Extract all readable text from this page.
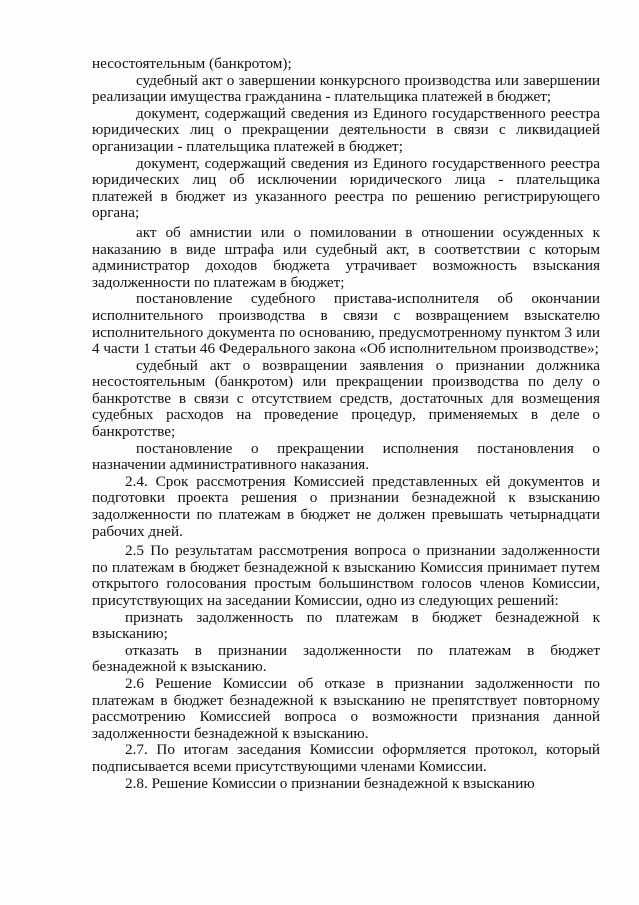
несостоятельным (банкротом);

судебный акт о завершении конкурсного производства или завершении реализации имущества гражданина - плательщика платежей в бюджет;

документ, содержащий сведения из Единого государственного реестра юридических лиц о прекращении деятельности в связи с ликвидацией организации - плательщика платежей в бюджет;

документ, содержащий сведения из Единого государственного реестра юридических лиц об исключении юридического лица - плательщика платежей в бюджет из указанного реестра по решению регистрирующего органа;

акт об амнистии или о помиловании в отношении осужденных к наказанию в виде штрафа или судебный акт, в соответствии с которым администратор доходов бюджета утрачивает возможность взыскания задолженности по платежам в бюджет;

постановление судебного пристава-исполнителя об окончании исполнительного производства в связи с возвращением взыскателю исполнительного документа по основанию, предусмотренному пунктом 3 или 4 части 1 статьи 46 Федерального закона «Об исполнительном производстве»;

судебный акт о возвращении заявления о признании должника несостоятельным (банкротом) или прекращении производства по делу о банкротстве в связи с отсутствием средств, достаточных для возмещения судебных расходов на проведение процедур, применяемых в деле о банкротстве;

постановление о прекращении исполнения постановления о назначении административного наказания.

2.4. Срок рассмотрения Комиссией представленных ей документов и подготовки проекта решения о признании безнадежной к взысканию задолженности по платежам в бюджет не должен превышать четырнадцати рабочих дней.

2.5 По результатам рассмотрения вопроса о признании задолженности по платежам в бюджет безнадежной к взысканию Комиссия принимает путем открытого голосования простым большинством голосов членов Комиссии, присутствующих на заседании Комиссии, одно из следующих решений:

признать задолженность по платежам в бюджет безнадежной к взысканию;

отказать в признании задолженности по платежам в бюджет безнадежной к взысканию.

2.6 Решение Комиссии об отказе в признании задолженности по платежам в бюджет безнадежной к взысканию не препятствует повторному рассмотрению Комиссией вопроса о возможности признания данной задолженности безнадежной к взысканию.

2.7. По итогам заседания Комиссии оформляется протокол, который подписывается всеми присутствующими членами Комиссии.

2.8. Решение Комиссии о признании безнадежной к взысканию
